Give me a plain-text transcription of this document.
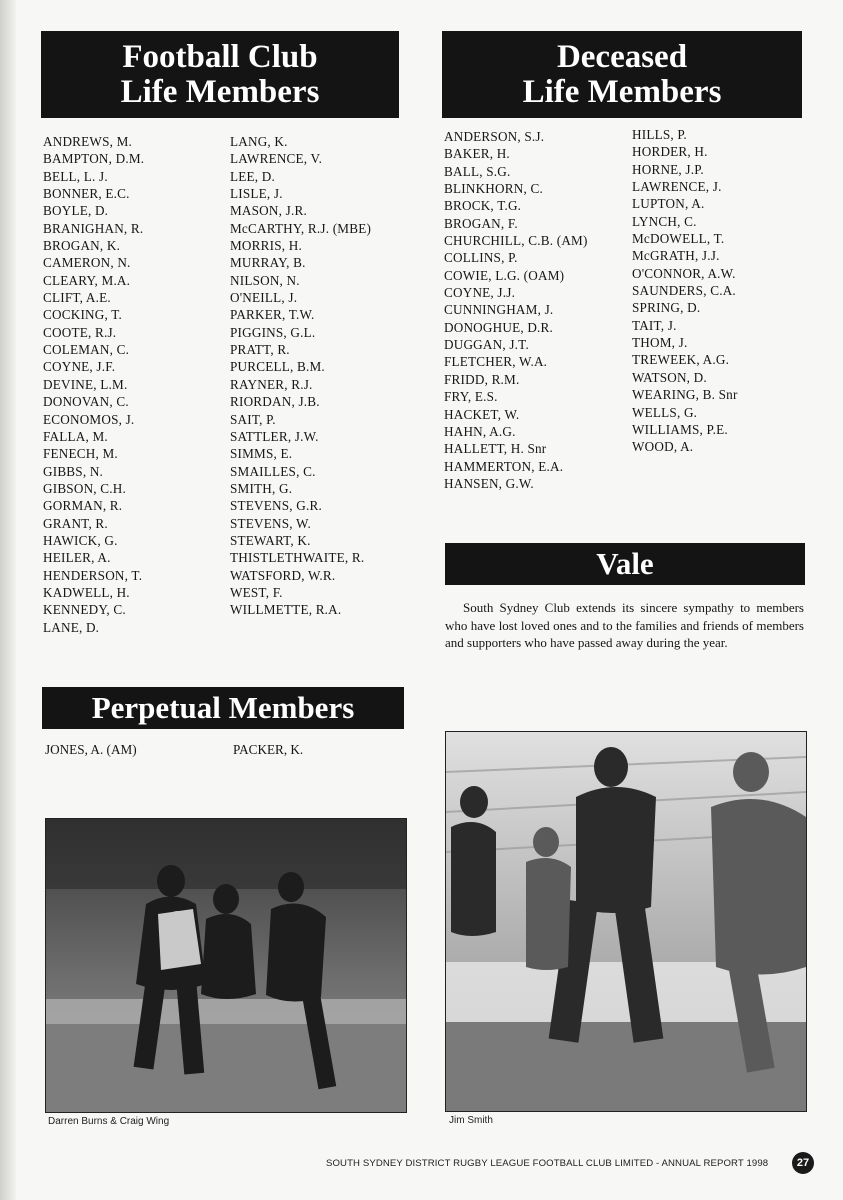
Football Club
Life Members
Deceased
Life Members
Vale
Perpetual Members
ANDREWS, M.
BAMPTON, D.M.
BELL, L. J.
BONNER, E.C.
BOYLE, D.
BRANIGHAN, R.
BROGAN, K.
CAMERON, N.
CLEARY, M.A.
CLIFT, A.E.
COCKING, T.
COOTE, R.J.
COLEMAN, C.
COYNE, J.F.
DEVINE, L.M.
DONOVAN, C.
ECONOMOS, J.
FALLA, M.
FENECH, M.
GIBBS, N.
GIBSON, C.H.
GORMAN, R.
GRANT, R.
HAWICK, G.
HEILER, A.
HENDERSON, T.
KADWELL, H.
KENNEDY, C.
LANE, D.
LANG, K.
LAWRENCE, V.
LEE, D.
LISLE, J.
MASON, J.R.
McCARTHY, R.J. (MBE)
MORRIS, H.
MURRAY, B.
NILSON, N.
O'NEILL, J.
PARKER, T.W.
PIGGINS, G.L.
PRATT, R.
PURCELL, B.M.
RAYNER, R.J.
RIORDAN, J.B.
SAIT, P.
SATTLER, J.W.
SIMMS, E.
SMAILLES, C.
SMITH, G.
STEVENS, G.R.
STEVENS, W.
STEWART, K.
THISTLETHWAITE, R.
WATSFORD, W.R.
WEST, F.
WILLMETTE, R.A.
ANDERSON, S.J.
BAKER, H.
BALL, S.G.
BLINKHORN, C.
BROCK, T.G.
BROGAN, F.
CHURCHILL, C.B. (AM)
COLLINS, P.
COWIE, L.G. (OAM)
COYNE, J.J.
CUNNINGHAM, J.
DONOGHUE, D.R.
DUGGAN, J.T.
FLETCHER, W.A.
FRIDD, R.M.
FRY, E.S.
HACKET, W.
HAHN, A.G.
HALLETT, H. Snr
HAMMERTON, E.A.
HANSEN, G.W.
HILLS, P.
HORDER, H.
HORNE, J.P.
LAWRENCE, J.
LUPTON, A.
LYNCH, C.
McDOWELL, T.
McGRATH, J.J.
O'CONNOR, A.W.
SAUNDERS, C.A.
SPRING, D.
TAIT, J.
THOM, J.
TREWEEK, A.G.
WATSON, D.
WEARING, B. Snr
WELLS, G.
WILLIAMS, P.E.
WOOD, A.

South Sydney Club extends its sincere sympathy to members who have lost loved ones and to the families and friends of members and supporters who have passed away during the year.

JONES, A. (AM)	PACKER, K.
Darren Burns & Craig Wing	Jim Smith
SOUTH SYDNEY DISTRICT RUGBY LEAGUE FOOTBALL CLUB LIMITED - ANNUAL REPORT 1998	27
